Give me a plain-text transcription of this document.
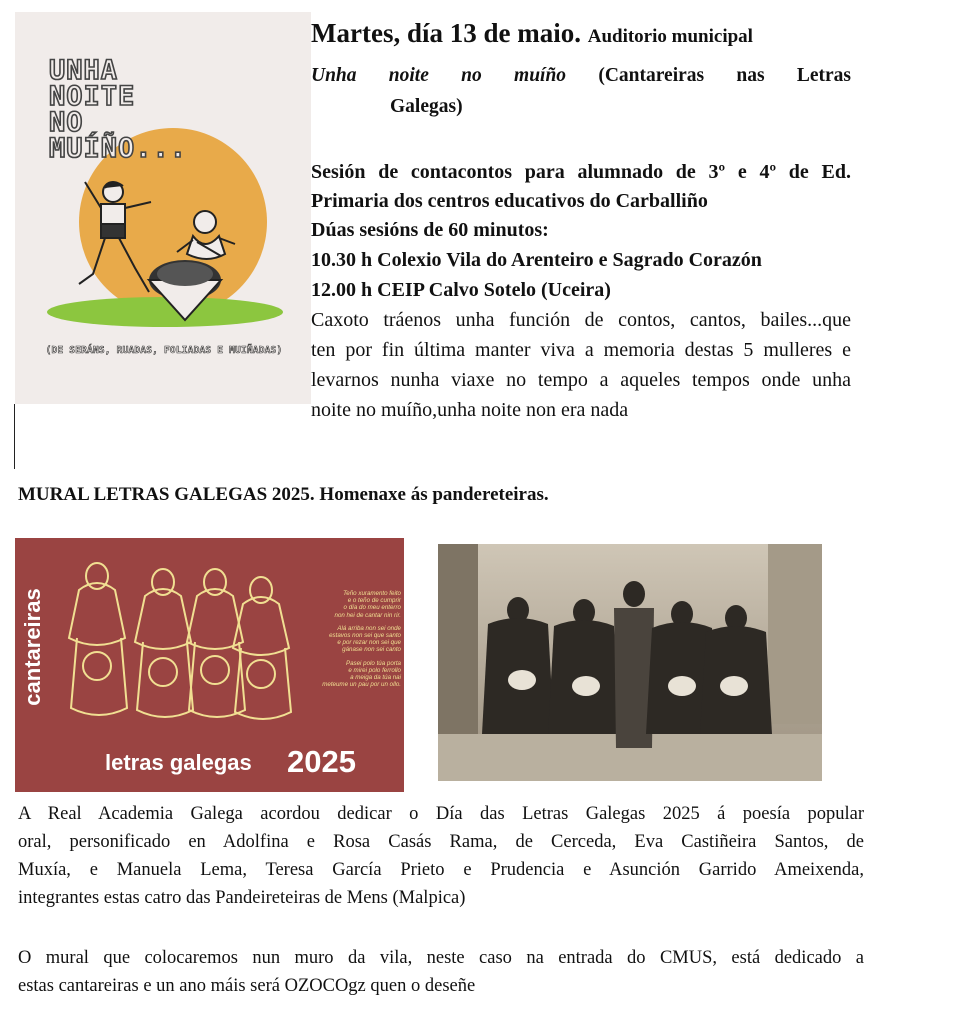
UNHA
NOITE
NO
MUÍÑO...
(DE SERÁNS, RUADAS, FOLIADAS E MUIÑADAS)
Martes, día 13 de maio. Auditorio municipal
Unha noite no muíño (Cantareiras nas Letras
Galegas)
Sesión de contacontos para alumnado de 3º e 4º de Ed.
Primaria dos centros educativos do Carballiño
Dúas sesións de 60 minutos:
10.30 h Colexio Vila do Arenteiro e Sagrado Corazón
12.00 h CEIP Calvo Sotelo (Uceira)
Caxoto tráenos unha función de contos, cantos, bailes...que
ten por fin última manter viva a memoria destas 5 mulleres e
levarnos nunha viaxe no tempo a aqueles tempos onde unha
noite no muíño,unha noite non era nada
MURAL LETRAS GALEGAS 2025. Homenaxe ás pandereteiras.
cantareiras	Teño xuramento feito
e o teño de cumprir
o día do meu enterro
non hei de cantar nin rir.
Alá arriba non sei onde
estavos non sei que santo
e por rezar non sei que
gánase non sei canto
Pasei polo túa porta
e mirei polo ferrollo
a meiga da túa nai
meteume un pau por un ollo.
letras galegas 2025
A Real Academia Galega acordou dedicar o Día das Letras Galegas 2025 á poesía popular
oral, personificado en Adolfina e Rosa Casás Rama, de Cerceda, Eva Castiñeira Santos, de
Muxía, e Manuela Lema, Teresa García Prieto e Prudencia e Asunción Garrido Ameixenda,
integrantes estas catro das Pandeireteiras de Mens (Malpica)
O mural que colocaremos nun muro da vila, neste caso na entrada do CMUS, está dedicado a
estas cantareiras e un ano máis será OZOCOgz quen o deseñe
